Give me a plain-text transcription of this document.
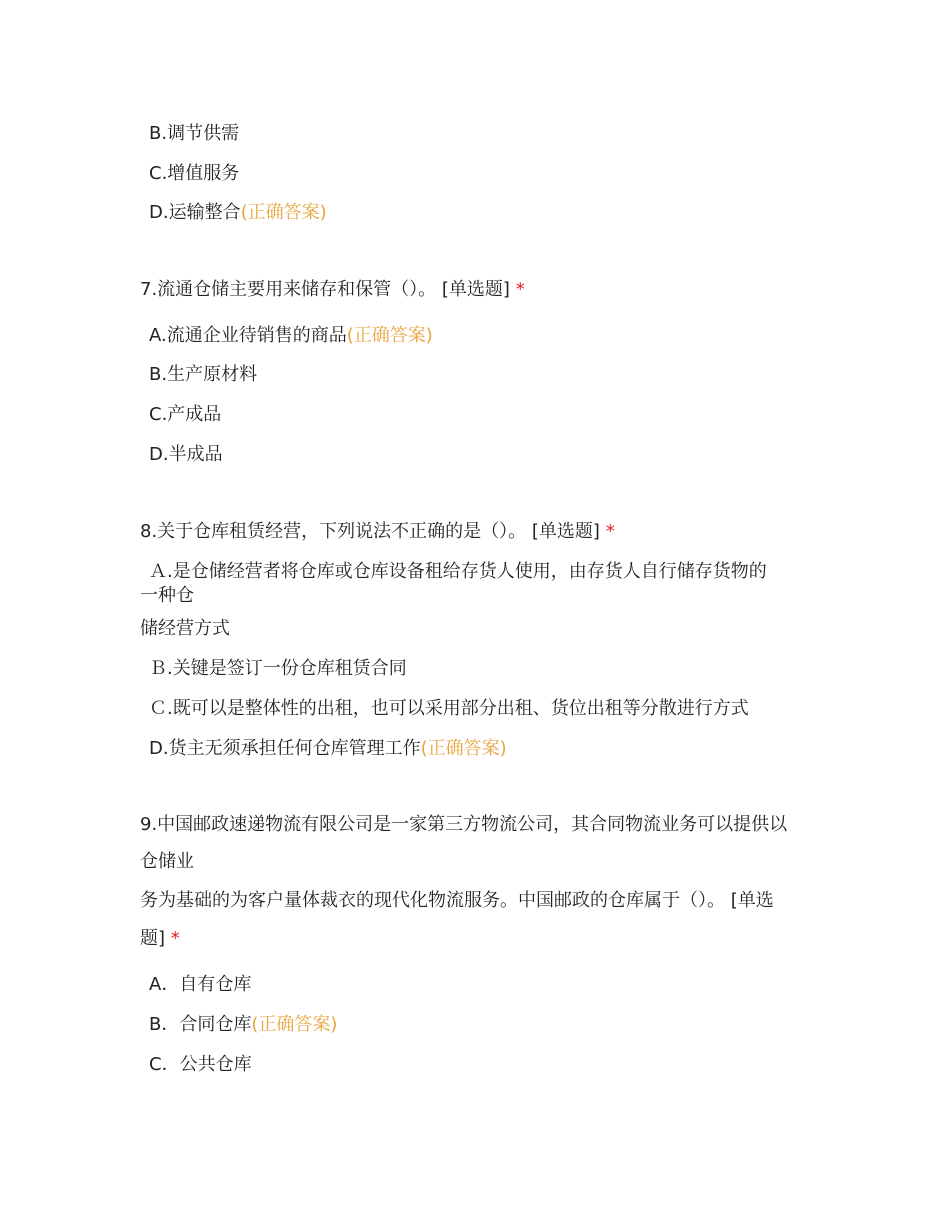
B.调节供需
C.增值服务
D.运输整合(正确答案)
7.流通仓储主要用来储存和保管（）。 [单选题] *
A.流通企业待销售的商品(正确答案)
B.生产原材料
C.产成品
D.半成品
8.关于仓库租赁经营，下列说法不正确的是（）。 [单选题] *
Ａ.是仓储经营者将仓库或仓库设备租给存货人使用，由存货人自行储存货物的
一种仓
储经营方式
Ｂ.关键是签订一份仓库租赁合同
Ｃ.既可以是整体性的出租，也可以采用部分出租、货位出租等分散进行方式
D.货主无须承担任何仓库管理工作(正确答案)
9.中国邮政速递物流有限公司是一家第三方物流公司，其合同物流业务可以提供以
仓储业
务为基础的为客户量体裁衣的现代化物流服务。中国邮政的仓库属于（）。 [单选
题] *
A．自有仓库
B．合同仓库(正确答案)
C．公共仓库
